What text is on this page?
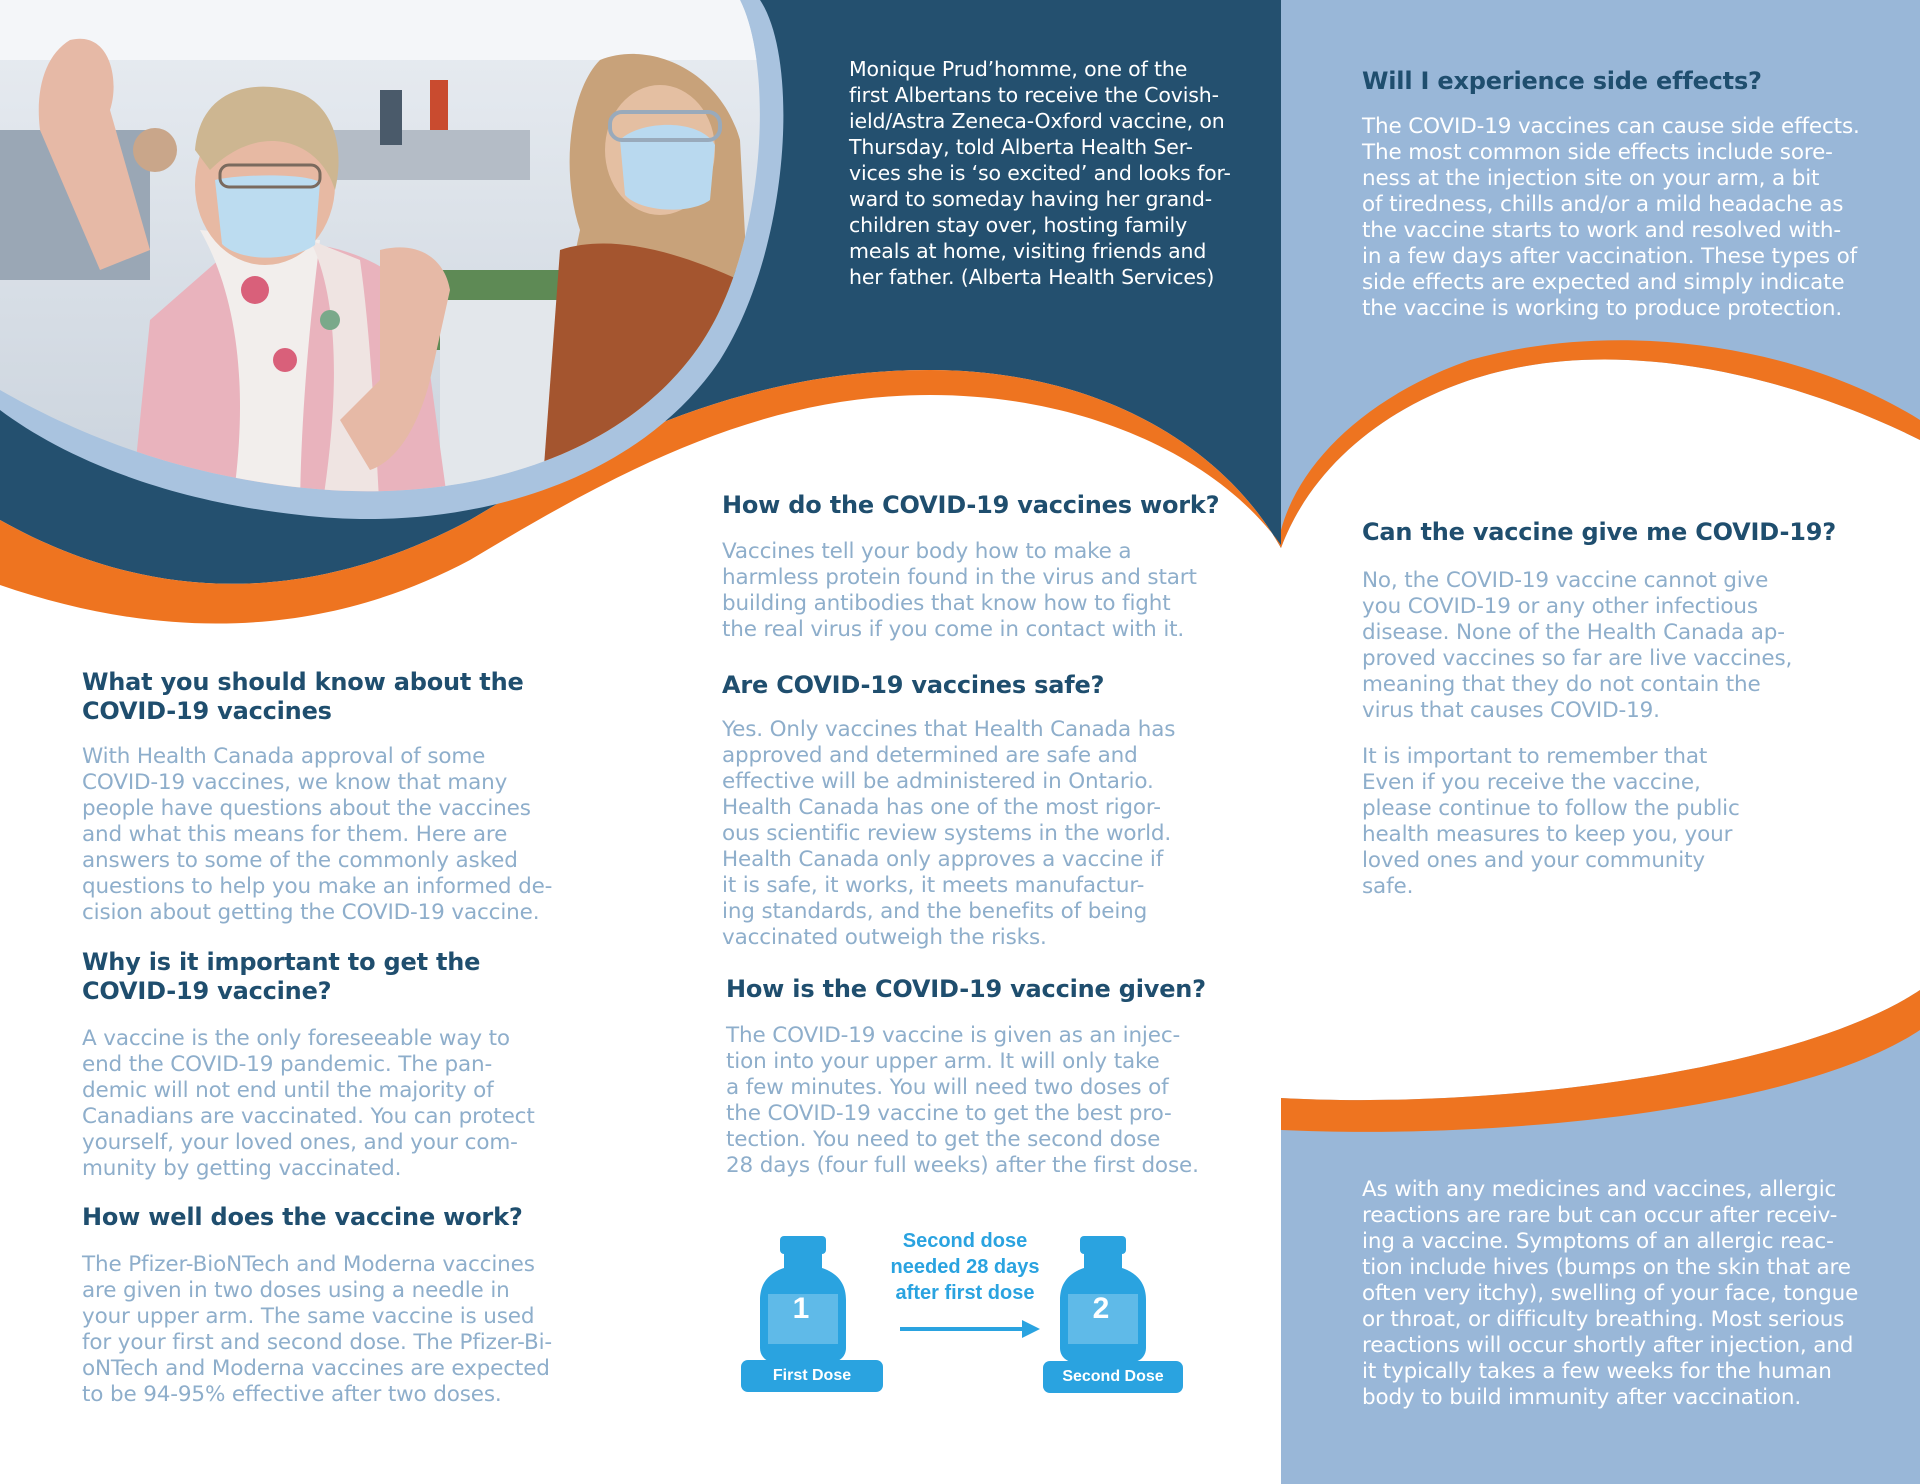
Monique Prud’homme, one of the
first Albertans to receive the Covish-
ield/Astra Zeneca-Oxford vaccine, on
Thursday, told Alberta Health Ser-
vices she is ‘so excited’ and looks for-
ward to someday having her grand-
children stay over, hosting family
meals at home, visiting friends and
her father. (Alberta Health Services)

What you should know about the COVID-19 vaccines

With Health Canada approval of some
COVID-19 vaccines, we know that many
people have questions about the vaccines
and what this means for them. Here are
answers to some of the commonly asked
questions to help you make an informed de-
cision about getting the COVID-19 vaccine.

Why is it important to get the COVID-19 vaccine?

A vaccine is the only foreseeable way to
end the COVID-19 pandemic. The pan-
demic will not end until the majority of
Canadians are vaccinated. You can protect
yourself, your loved ones, and your com-
munity by getting vaccinated.

How well does the vaccine work?

The Pfizer-BioNTech and Moderna vaccines
are given in two doses using a needle in
your upper arm. The same vaccine is used
for your first and second dose. The Pfizer-Bi-
oNTech and Moderna vaccines are expected
to be 94-95% effective after two doses.

How do the COVID-19 vaccines work?

Vaccines tell your body how to make a
harmless protein found in the virus and start
building antibodies that know how to fight
the real virus if you come in contact with it.

Are COVID-19 vaccines safe?

Yes. Only vaccines that Health Canada has
approved and determined are safe and
effective will be administered in Ontario.
Health Canada has one of the most rigor-
ous scientific review systems in the world.
Health Canada only approves a vaccine if
it is safe, it works, it meets manufactur-
ing standards, and the benefits of being
vaccinated outweigh the risks.

How is the COVID-19 vaccine given?

The COVID-19 vaccine is given as an injec-
tion into your upper arm. It will only take
a few minutes. You will need two doses of
the COVID-19 vaccine to get the best pro-
tection. You need to get the second dose
28 days (four full weeks) after the first dose.

1	2
First Dose	Second Dose
Second dose
needed 28 days
after first dose
Will I experience side effects?

The COVID-19 vaccines can cause side effects.
The most common side effects include sore-
ness at the injection site on your arm, a bit
of tiredness, chills and/or a mild headache as
the vaccine starts to work and resolved with-
in a few days after vaccination. These types of
side effects are expected and simply indicate
the vaccine is working to produce protection.

Can the vaccine give me COVID-19?

No, the COVID-19 vaccine cannot give
you COVID-19 or any other infectious
disease. None of the Health Canada ap-
proved vaccines so far are live vaccines,
meaning that they do not contain the
virus that causes COVID-19.

It is important to remember that
Even if you receive the vaccine,
please continue to follow the public
health measures to keep you, your
loved ones and your community
safe.

As with any medicines and vaccines, allergic
reactions are rare but can occur after receiv-
ing a vaccine. Symptoms of an allergic reac-
tion include hives (bumps on the skin that are
often very itchy), swelling of your face, tongue
or throat, or difficulty breathing. Most serious
reactions will occur shortly after injection, and
it typically takes a few weeks for the human
body to build immunity after vaccination.
